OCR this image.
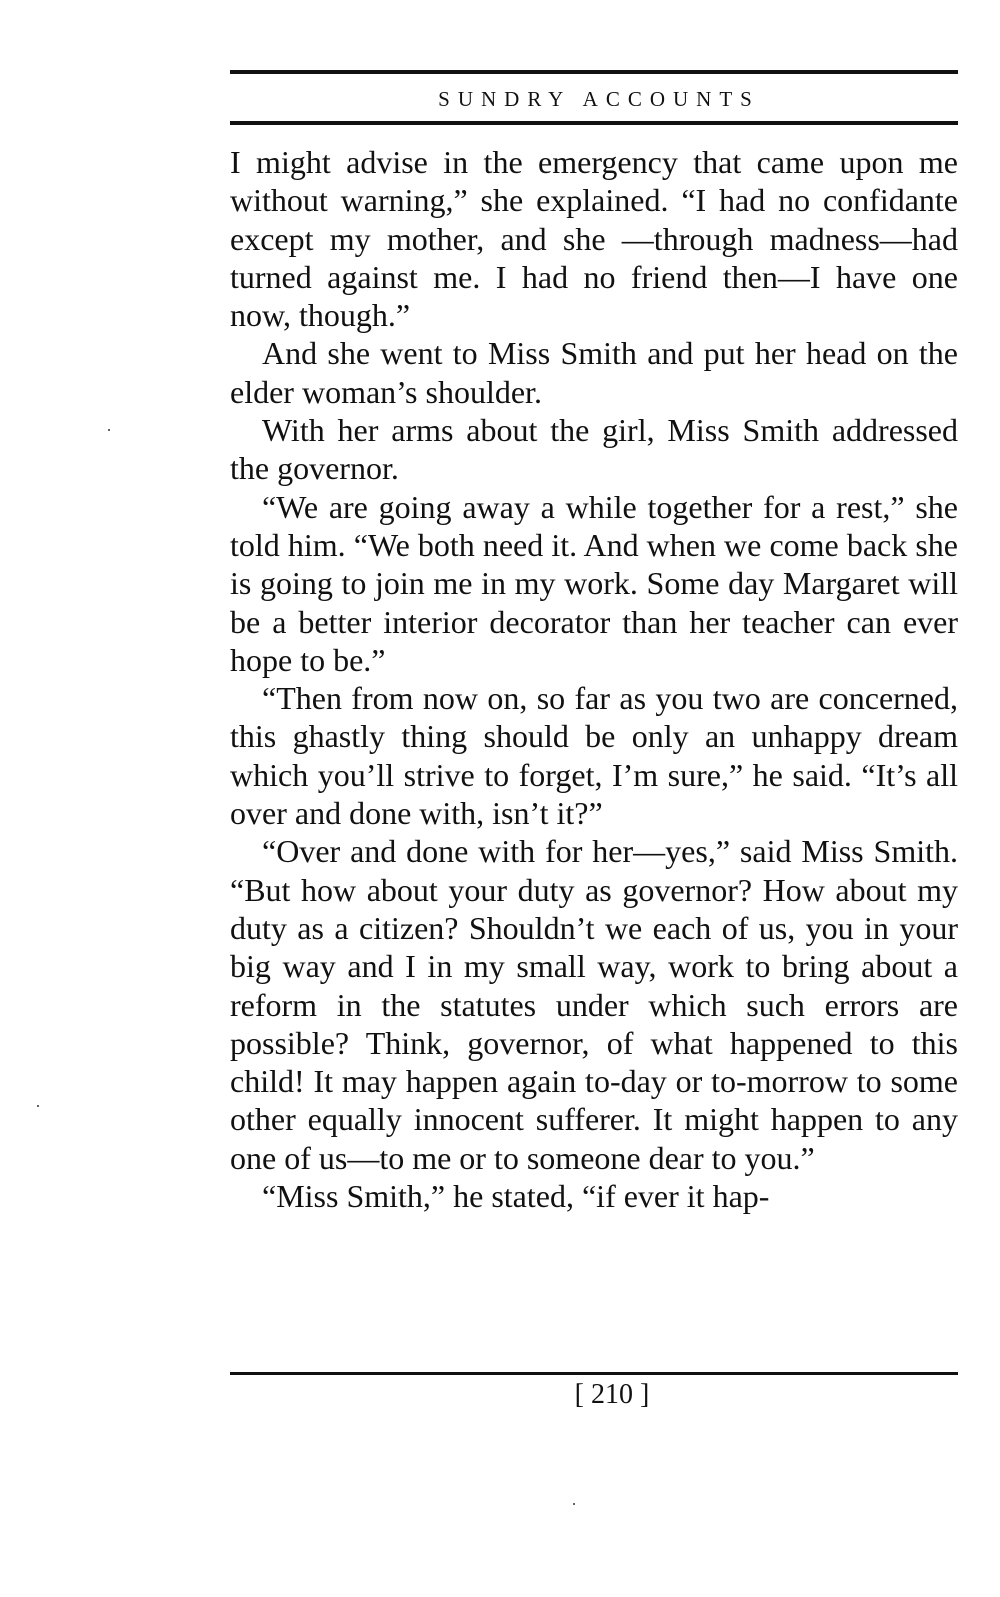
SUNDRY ACCOUNTS

I might advise in the emergency that came upon me without warning,” she explained. “I had no confidante except my mother, and she —through madness—had turned against me. I had no friend then—I have one now, though.”

And she went to Miss Smith and put her head on the elder woman’s shoulder.

With her arms about the girl, Miss Smith addressed the governor.

“We are going away a while together for a rest,” she told him. “We both need it. And when we come back she is going to join me in my work. Some day Margaret will be a better interior decorator than her teacher can ever hope to be.”

“Then from now on, so far as you two are concerned, this ghastly thing should be only an unhappy dream which you’ll strive to forget, I’m sure,” he said. “It’s all over and done with, isn’t it?”

“Over and done with for her—yes,” said Miss Smith. “But how about your duty as governor? How about my duty as a citizen? Shouldn’t we each of us, you in your big way and I in my small way, work to bring about a reform in the statutes under which such errors are possible? Think, governor, of what happened to this child! It may happen again to-day or to-morrow to some other equally innocent sufferer. It might happen to any one of us—to me or to someone dear to you.”

“Miss Smith,” he stated, “if ever it hap-

[ 210 ]
